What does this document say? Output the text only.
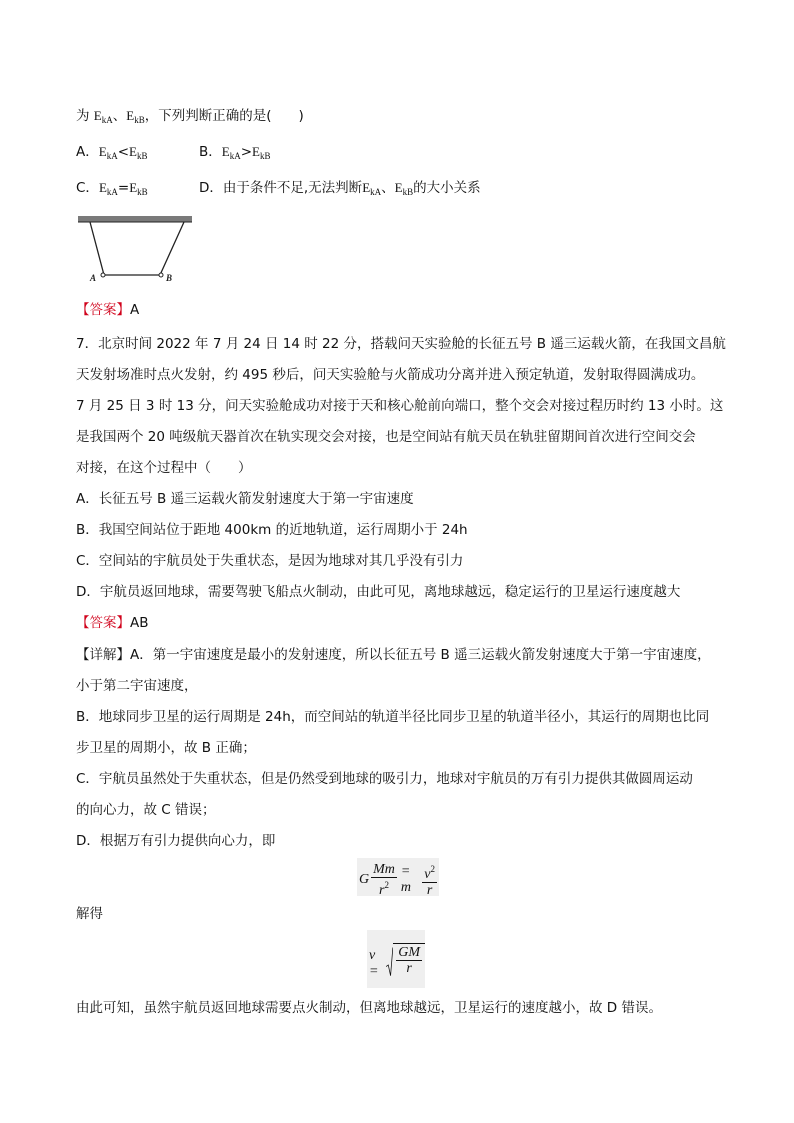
为 $E_{kA}$、$E_{kB}$，下列判断正确的是(　　)
A．$E_{kA}<E_{kB}$	B．$E_{kA}>E_{kB}$
C．$E_{kA}=E_{kB}$	D．由于条件不足,无法判断$E_{kA}$、$E_{kB}$的大小关系
A	B
【答案】A
7．北京时间 2022 年 7 月 24 日 14 时 22 分，搭载问天实验舱的长征五号 B 遥三运载火箭，在我国文昌航
天发射场准时点火发射，约 495 秒后，问天实验舱与火箭成功分离并进入预定轨道，发射取得圆满成功。
7 月 25 日 3 时 13 分，问天实验舱成功对接于天和核心舱前向端口，整个交会对接过程历时约 13 小时。这
是我国两个 20 吨级航天器首次在轨实现交会对接，也是空间站有航天员在轨驻留期间首次进行空间交会
对接，在这个过程中（　　）
A．长征五号 B 遥三运载火箭发射速度大于第一宇宙速度
B．我国空间站位于距地 400km 的近地轨道，运行周期小于 24h
C．空间站的宇航员处于失重状态，是因为地球对其几乎没有引力
D．宇航员返回地球，需要驾驶飞船点火制动，由此可见，离地球越远，稳定运行的卫星运行速度越大
【答案】AB
【详解】A．第一宇宙速度是最小的发射速度，所以长征五号 B 遥三运载火箭发射速度大于第一宇宙速度，
小于第二宇宙速度，
B．地球同步卫星的运行周期是 24h，而空间站的轨道半径比同步卫星的轨道半径小，其运行的周期也比同
步卫星的周期小，故 B 正确；
C．宇航员虽然处于失重状态，但是仍然受到地球的吸引力，地球对宇航员的万有引力提供其做圆周运动
的向心力，故 C 错误；
D．根据万有引力提供向心力，即
G $\frac{Mm}{r^2} = m \frac{v^2}{r}$
解得
v =	$\frac{GM}{r}$
由此可知，虽然宇航员返回地球需要点火制动，但离地球越远，卫星运行的速度越小，故 D 错误。
